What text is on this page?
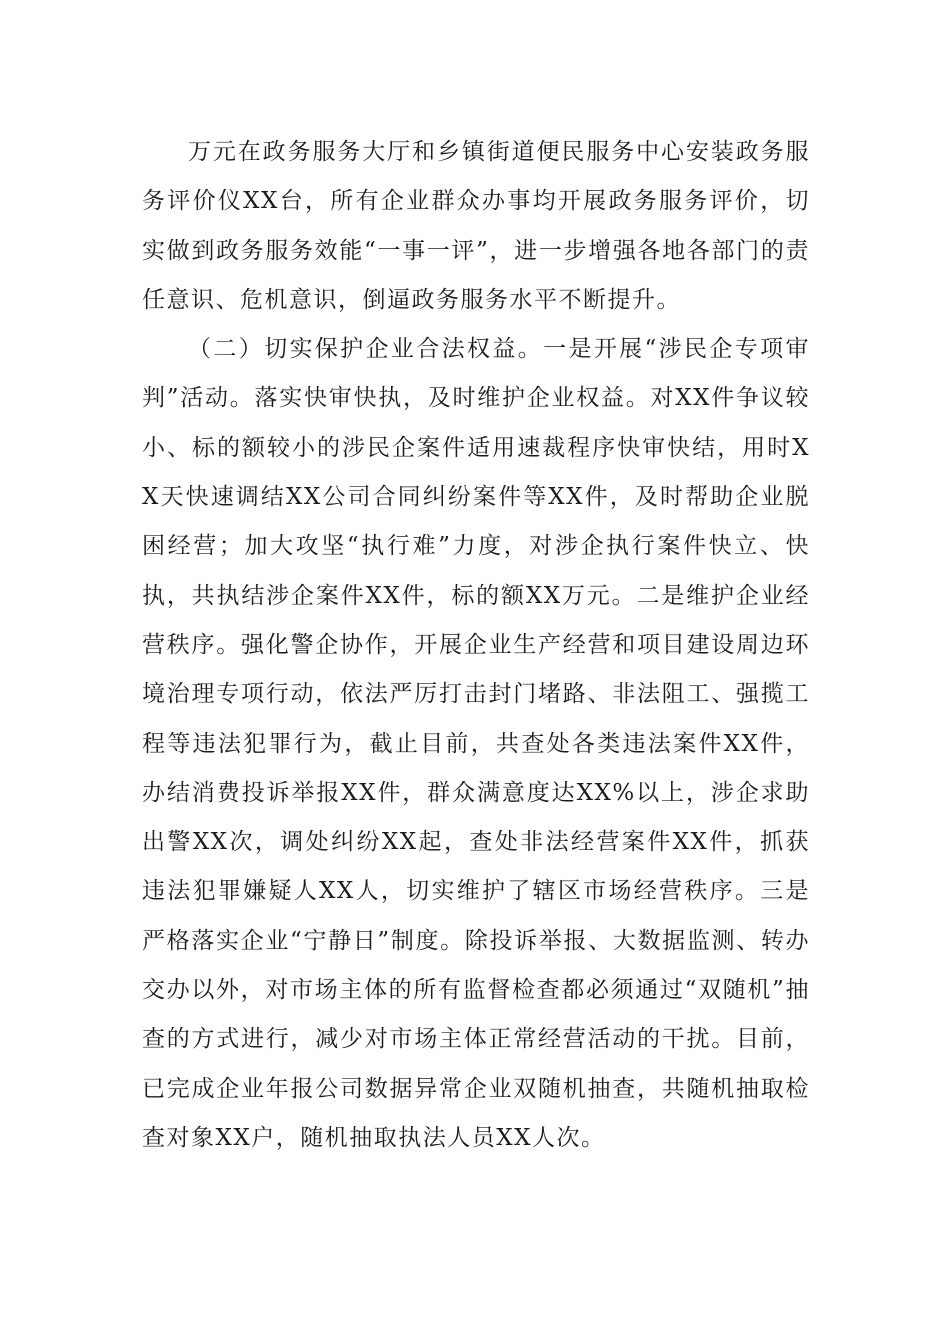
万元在政务服务大厅和乡镇街道便民服务中心安装政务服务评价仪XX台，所有企业群众办事均开展政务服务评价，切实做到政务服务效能“一事一评”，进一步增强各地各部门的责任意识、危机意识，倒逼政务服务水平不断提升。

（二）切实保护企业合法权益。一是开展“涉民企专项审判”活动。落实快审快执，及时维护企业权益。对XX件争议较小、标的额较小的涉民企案件适用速裁程序快审快结，用时XX天快速调结XX公司合同纠纷案件等XX件，及时帮助企业脱困经营；加大攻坚“执行难”力度，对涉企执行案件快立、快执，共执结涉企案件XX件，标的额XX万元。二是维护企业经营秩序。强化警企协作，开展企业生产经营和项目建设周边环境治理专项行动，依法严厉打击封门堵路、非法阻工、强揽工程等违法犯罪行为，截止目前，共查处各类违法案件XX件，办结消费投诉举报XX件，群众满意度达XX%以上，涉企求助出警XX次，调处纠纷XX起，查处非法经营案件XX件，抓获违法犯罪嫌疑人XX人，切实维护了辖区市场经营秩序。三是严格落实企业“宁静日”制度。除投诉举报、大数据监测、转办交办以外，对市场主体的所有监督检查都必须通过“双随机”抽查的方式进行，减少对市场主体正常经营活动的干扰。目前，已完成企业年报公司数据异常企业双随机抽查，共随机抽取检查对象XX户，随机抽取执法人员XX人次。
